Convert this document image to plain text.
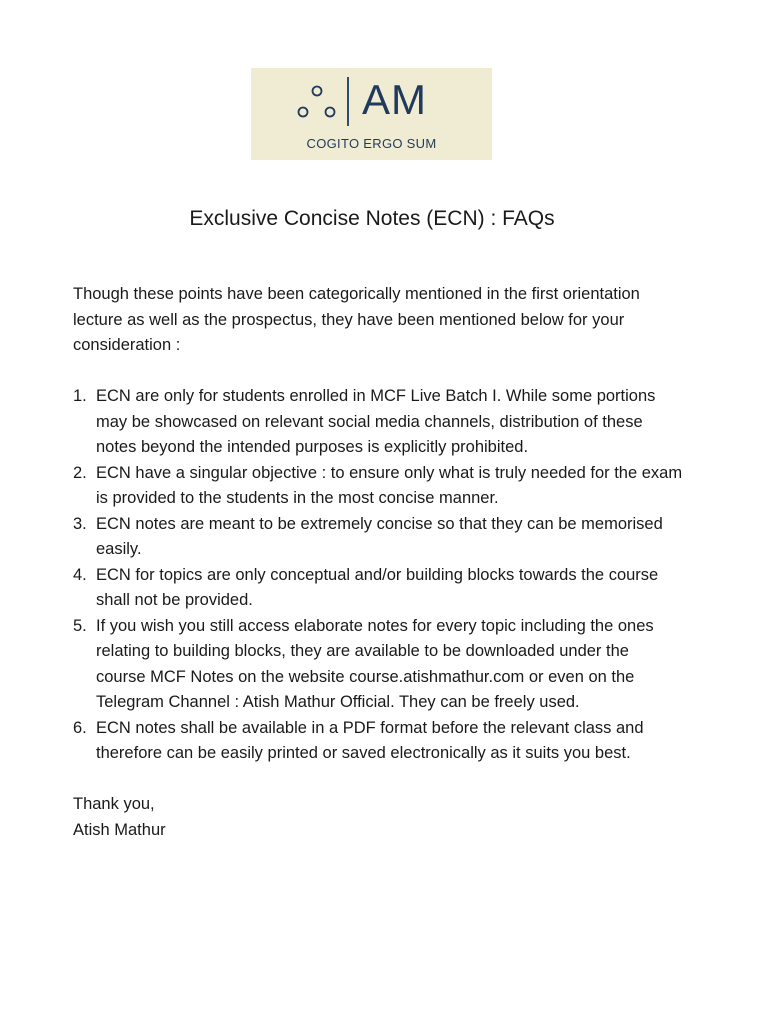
COGITO ERGO SUM
AM
Exclusive Concise Notes (ECN) : FAQs

Though these points have been categorically mentioned in the first orientation lecture as well as the prospectus, they have been mentioned below for your consideration :

1. ECN are only for students enrolled in MCF Live Batch I. While some portions may be showcased on relevant social media channels, distribution of these notes beyond the intended purposes is explicitly prohibited.
2. ECN have a singular objective : to ensure only what is truly needed for the exam is provided to the students in the most concise manner.
3. ECN notes are meant to be extremely concise so that they can be memorised easily.
4. ECN for topics are only conceptual and/or building blocks towards the course shall not be provided.
5. If you wish you still access elaborate notes for every topic including the ones relating to building blocks, they are available to be downloaded under the course MCF Notes on the website course.atishmathur.com or even on the Telegram Channel : Atish Mathur Official. They can be freely used.
6. ECN notes shall be available in a PDF format before the relevant class and therefore can be easily printed or saved electronically as it suits you best.

Thank you,

Atish Mathur
